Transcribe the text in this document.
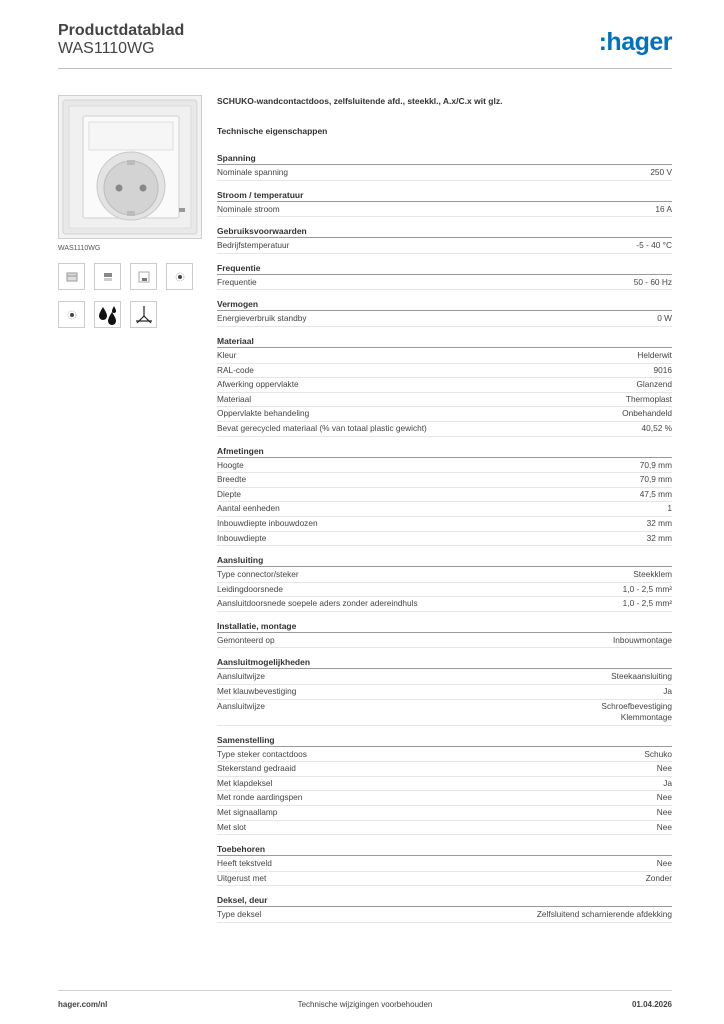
Productdatablad
WAS1110WG	:hager
WAS1110WG
SCHUKO-wandcontactdoos, zelfsluitende afd., steekkl., A.x/C.x wit glz.
Technische eigenschappen
Spanning
Nominale spanning	250 V
Stroom / temperatuur
Nominale stroom	16 A
Gebruiksvoorwaarden
Bedrijfstemperatuur	-5 - 40 °C
Frequentie
Frequentie	50 - 60 Hz
Vermogen
Energieverbruik standby	0 W
Materiaal
Kleur	Helderwit
RAL-code	9016
Afwerking oppervlakte	Glanzend
Materiaal	Thermoplast
Oppervlakte behandeling	Onbehandeld
Bevat gerecycled materiaal (% van totaal plastic gewicht)	40,52 %
Afmetingen
Hoogte	70,9 mm
Breedte	70,9 mm
Diepte	47,5 mm
Aantal eenheden	1
Inbouwdiepte inbouwdozen	32 mm
Inbouwdiepte	32 mm
Aansluiting
Type connector/steker	Steekklem
Leidingdoorsnede	1,0 - 2,5 mm²
Aansluitdoorsnede soepele aders zonder adereindhuls	1,0 - 2,5 mm²
Installatie, montage
Gemonteerd op	Inbouwmontage
Aansluitmogelijkheden
Aansluitwijze	Steekaansluiting
Met klauwbevestiging	Ja
Aansluitwijze	Schroefbevestiging
Klemmontage
Samenstelling
Type steker contactdoos	Schuko
Stekerstand gedraaid	Nee
Met klapdeksel	Ja
Met ronde aardingspen	Nee
Met signaallamp	Nee
Met slot	Nee
Toebehoren
Heeft tekstveld	Nee
Uitgerust met	Zonder
Deksel, deur
Type deksel	Zelfsluitend scharnierende afdekking
hager.com/nl	Technische wijzigingen voorbehouden	01.04.2026
